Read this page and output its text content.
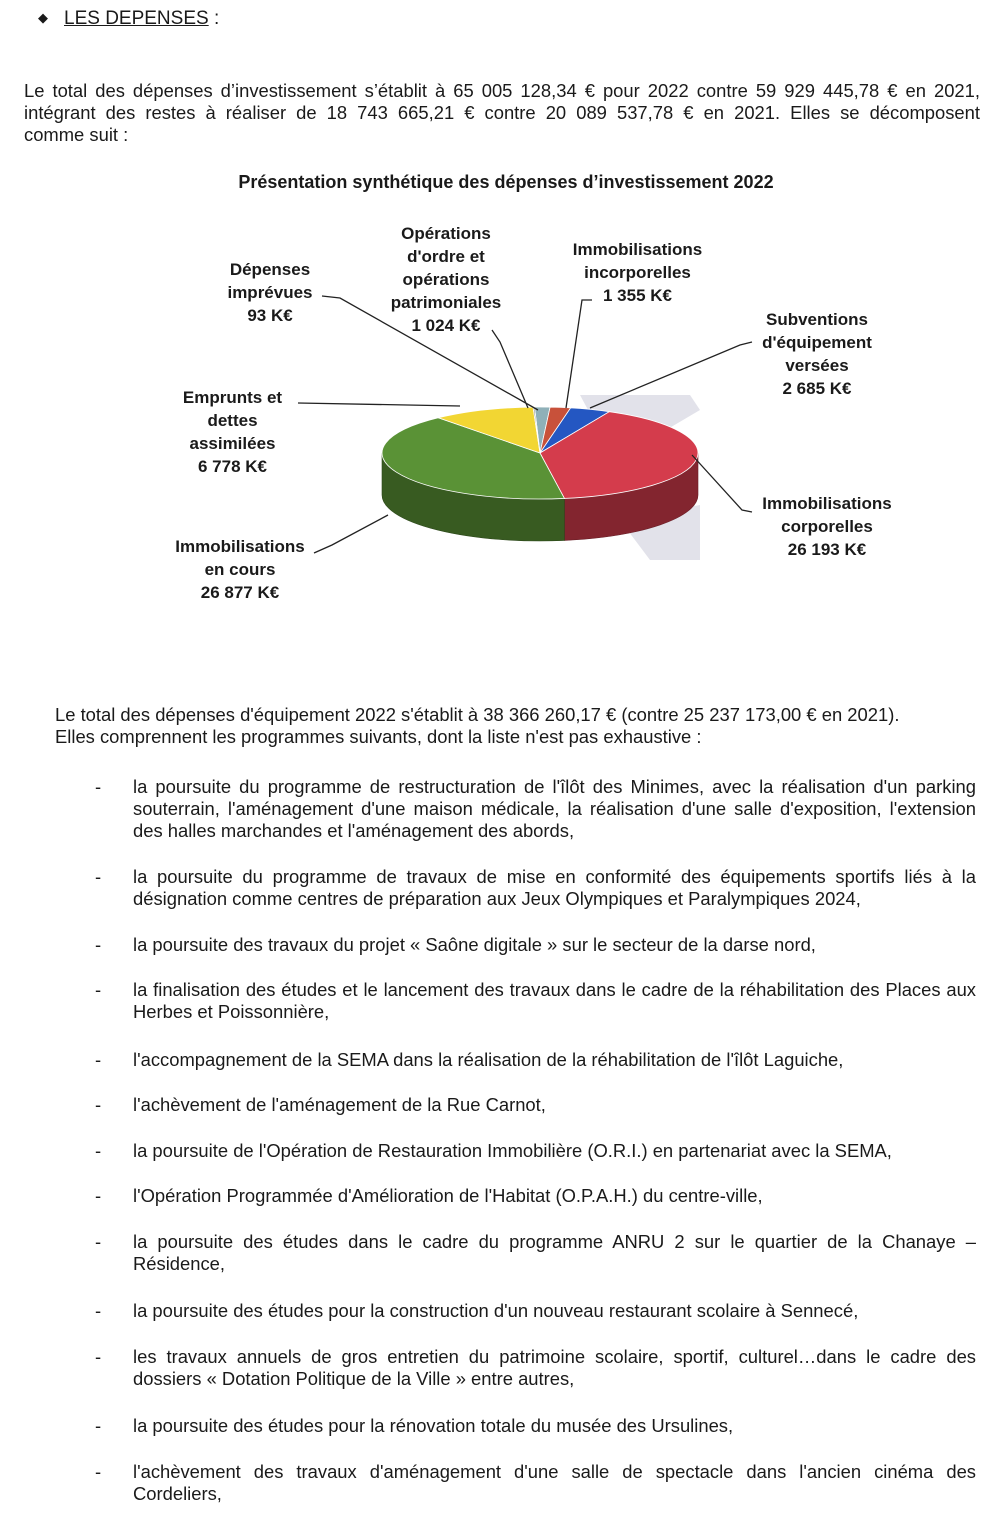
◆ LES DEPENSES :
Le total des dépenses d’investissement s’établit à 65 005 128,34 € pour 2022 contre 59 929 445,78 € en 2021,
intégrant des restes à réaliser de 18 743 665,21 € contre 20 089 537,78 € en 2021. Elles se décomposent
comme suit :
Présentation synthétique des dépenses d’investissement 2022
Dépenses
imprévues
93 K€
Opérations
d'ordre et
opérations
patrimoniales
1 024 K€
Immobilisations
incorporelles
1 355 K€
Subventions
d'équipement
versées
2 685 K€
Emprunts et
dettes
assimilées
6 778 K€
Immobilisations
corporelles
26 193 K€
Immobilisations
en cours
26 877 K€
Le total des dépenses d'équipement 2022 s'établit à 38 366 260,17 € (contre 25 237 173,00 € en 2021).
Elles comprennent les programmes suivants, dont la liste n'est pas exhaustive :
- la poursuite du programme de restructuration de l'îlôt des Minimes, avec la réalisation d'un parking souterrain, l'aménagement d'une maison médicale, la réalisation d'une salle d'exposition, l'extension des halles marchandes et l'aménagement des abords,
- la poursuite du programme de travaux de mise en conformité des équipements sportifs liés à la désignation comme centres de préparation aux Jeux Olympiques et Paralympiques 2024,
- la poursuite des travaux du projet « Saône digitale » sur le secteur de la darse nord,
- la finalisation des études et le lancement des travaux dans le cadre de la réhabilitation des Places aux Herbes et Poissonnière,
- l'accompagnement de la SEMA dans la réalisation de la réhabilitation de l'îlôt Laguiche,
- l'achèvement de l'aménagement de la Rue Carnot,
- la poursuite de l'Opération de Restauration Immobilière (O.R.I.) en partenariat avec la SEMA,
- l'Opération Programmée d'Amélioration de l'Habitat (O.P.A.H.) du centre-ville,
- la poursuite des études dans le cadre du programme ANRU 2 sur le quartier de la Chanaye – Résidence,
- la poursuite des études pour la construction d'un nouveau restaurant scolaire à Sennecé,
- les travaux annuels de gros entretien du patrimoine scolaire, sportif, culturel…dans le cadre des dossiers « Dotation Politique de la Ville » entre autres,
- la poursuite des études pour la rénovation totale du musée des Ursulines,
- l'achèvement des travaux d'aménagement d'une salle de spectacle dans l'ancien cinéma des Cordeliers,
